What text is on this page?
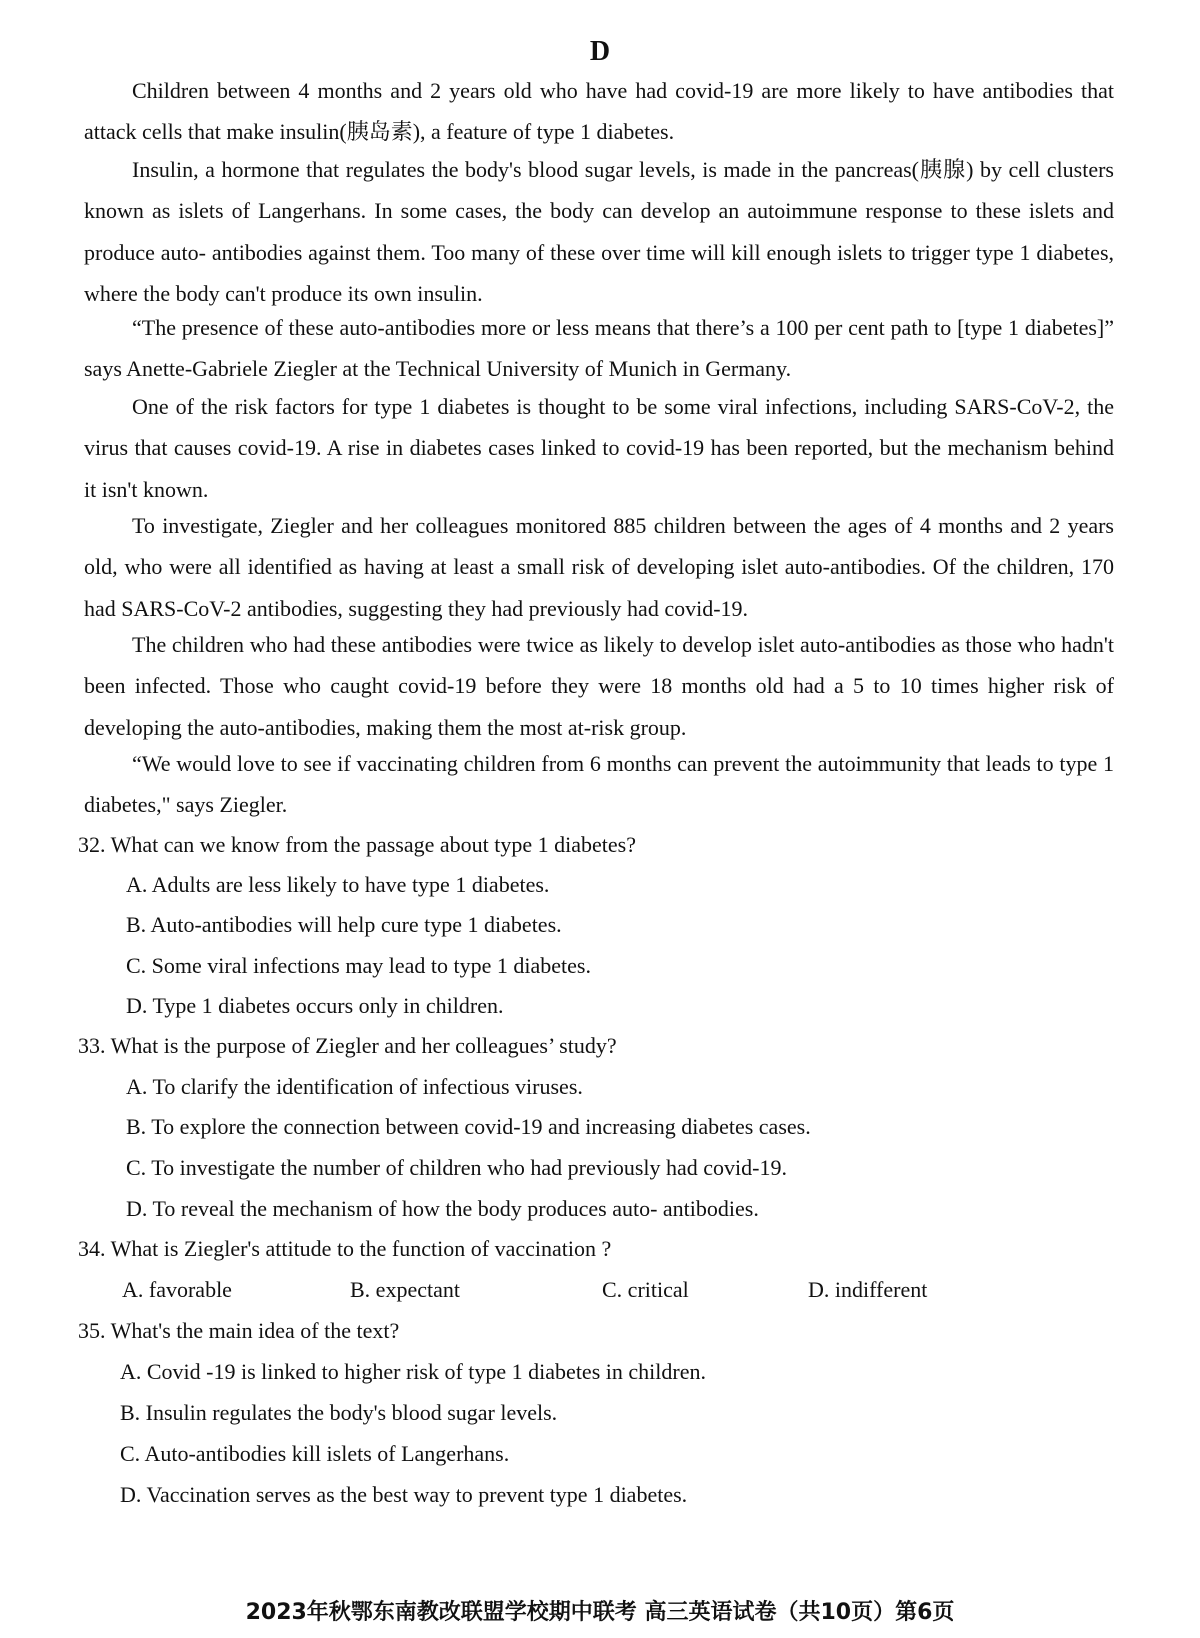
D

Children between 4 months and 2 years old who have had covid-19 are more likely to have antibodies that attack cells that make insulin(胰岛素), a feature of type 1 diabetes.

Insulin, a hormone that regulates the body's blood sugar levels, is made in the pancreas(胰腺) by cell clusters known as islets of Langerhans. In some cases, the body can develop an autoimmune response to these islets and produce auto- antibodies against them. Too many of these over time will kill enough islets to trigger type 1 diabetes, where the body can't produce its own insulin.

“The presence of these auto-antibodies more or less means that there’s a 100 per cent path to [type 1 diabetes]” says Anette-Gabriele Ziegler at the Technical University of Munich in Germany.

One of the risk factors for type 1 diabetes is thought to be some viral infections, including SARS-CoV-2, the virus that causes covid-19. A rise in diabetes cases linked to covid-19 has been reported, but the mechanism behind it isn't known.

To investigate, Ziegler and her colleagues monitored 885 children between the ages of 4 months and 2 years old, who were all identified as having at least a small risk of developing islet auto-antibodies. Of the children, 170 had SARS-CoV-2 antibodies, suggesting they had previously had covid-19.

The children who had these antibodies were twice as likely to develop islet auto-antibodies as those who hadn't been infected. Those who caught covid-19 before they were 18 months old had a 5 to 10 times higher risk of developing the auto-antibodies, making them the most at-risk group.

“We would love to see if vaccinating children from 6 months can prevent the autoimmunity that leads to type 1 diabetes," says Ziegler.

32. What can we know from the passage about type 1 diabetes?

A. Adults are less likely to have type 1 diabetes.

B. Auto-antibodies will help cure type 1 diabetes.

C. Some viral infections may lead to type 1 diabetes.

D. Type 1 diabetes occurs only in children.

33. What is the purpose of Ziegler and her colleagues’ study?

A. To clarify the identification of infectious viruses.

B. To explore the connection between covid-19 and increasing diabetes cases.

C. To investigate the number of children who had previously had covid-19.

D. To reveal the mechanism of how the body produces auto- antibodies.

34. What is Ziegler's attitude to the function of vaccination ?

A. favorable	B. expectant	C. critical	D. indifferent

35. What's the main idea of the text?

A. Covid -19 is linked to higher risk of type 1 diabetes in children.

B. Insulin regulates the body's blood sugar levels.

C. Auto-antibodies kill islets of Langerhans.

D. Vaccination serves as the best way to prevent type 1 diabetes.

2023年秋鄂东南教改联盟学校期中联考 高三英语试卷（共10页）第6页
